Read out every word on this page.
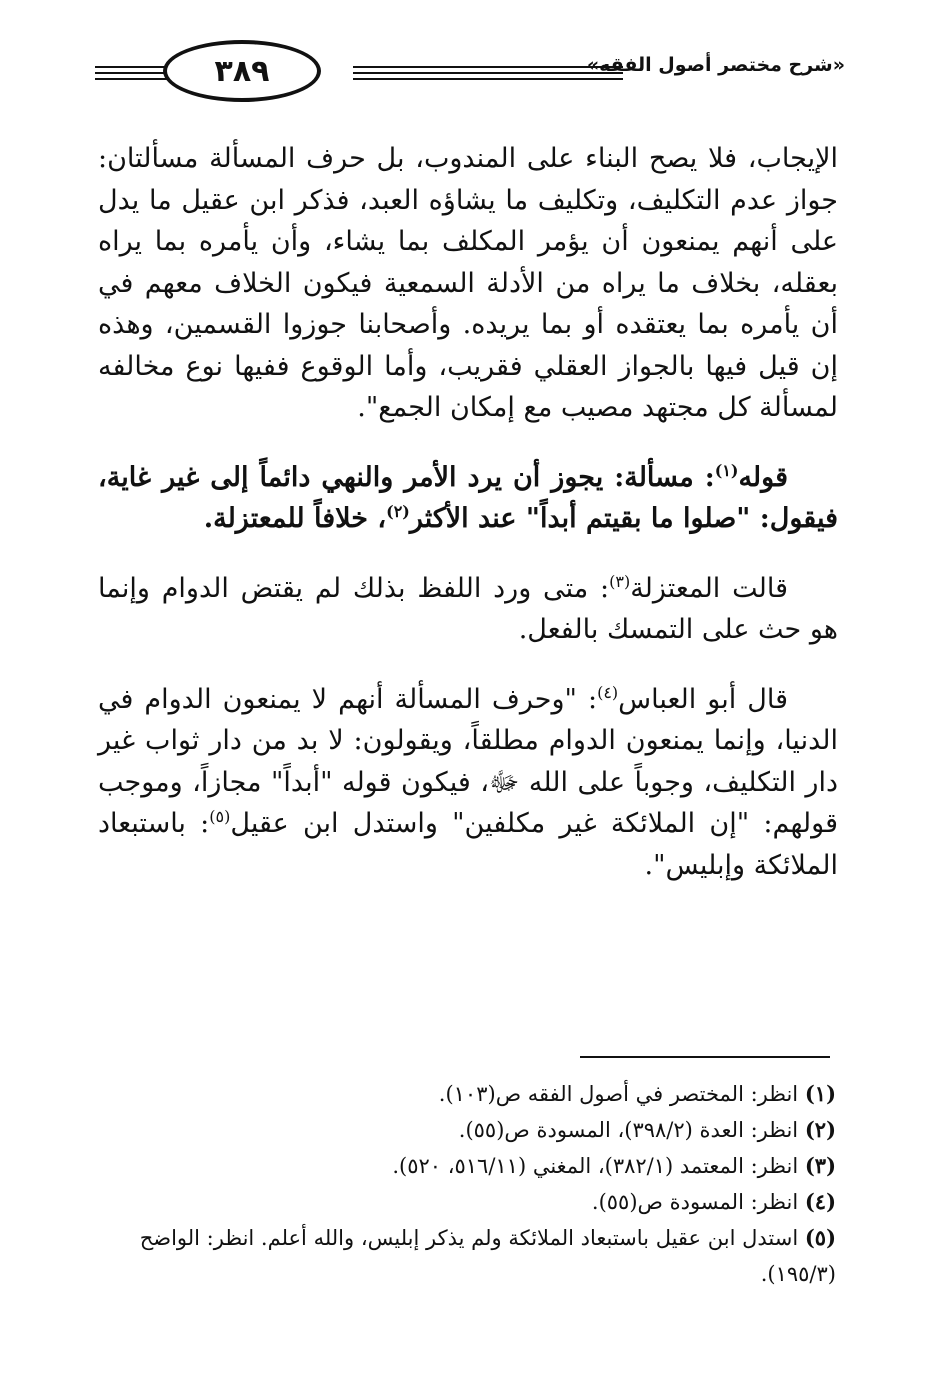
٣٨٩	«شرح مختصر أصول الفقه»

الإيجاب، فلا يصح البناء على المندوب، بل حرف المسألة مسألتان: جواز عدم التكليف، وتكليف ما يشاؤه العبد، فذكر ابن عقيل ما يدل على أنهم يمنعون أن يؤمر المكلف بما يشاء، وأن يأمره بما يراه بعقله، بخلاف ما يراه من الأدلة السمعية فيكون الخلاف معهم في أن يأمره بما يعتقده أو بما يريده. وأصحابنا جوزوا القسمين، وهذه إن قيل فيها بالجواز العقلي فقريب، وأما الوقوع ففيها نوع مخالفه لمسألة كل مجتهد مصيب مع إمكان الجمع".

قوله$^{(١)}$: مسألة: يجوز أن يرد الأمر والنهي دائماً إلى غير غاية، فيقول: "صلوا ما بقيتم أبداً" عند الأكثر$^{(٢)}$، خلافاً للمعتزلة.

قالت المعتزلة$^{(٣)}$: متى ورد اللفظ بذلك لم يقتض الدوام وإنما هو حث على التمسك بالفعل.

قال أبو العباس$^{(٤)}$: "وحرف المسألة أنهم لا يمنعون الدوام في الدنيا، وإنما يمنعون الدوام مطلقاً، ويقولون: لا بد من دار ثواب غير دار التكليف، وجوباً على الله ﷻ، فيكون قوله "أبداً" مجازاً، وموجب قولهم: "إن الملائكة غير مكلفين" واستدل ابن عقيل$^{(٥)}$: باستبعاد الملائكة وإبليس".

(١) انظر: المختصر في أصول الفقه ص(١٠٣).

(٢) انظر: العدة (٣٩٨/٢)، المسودة ص(٥٥).

(٣) انظر: المعتمد (٣٨٢/١)، المغني (٥١٦/١١، ٥٢٠).

(٤) انظر: المسودة ص(٥٥).

(٥) استدل ابن عقيل باستبعاد الملائكة ولم يذكر إبليس، والله أعلم. انظر: الواضح (١٩٥/٣).
